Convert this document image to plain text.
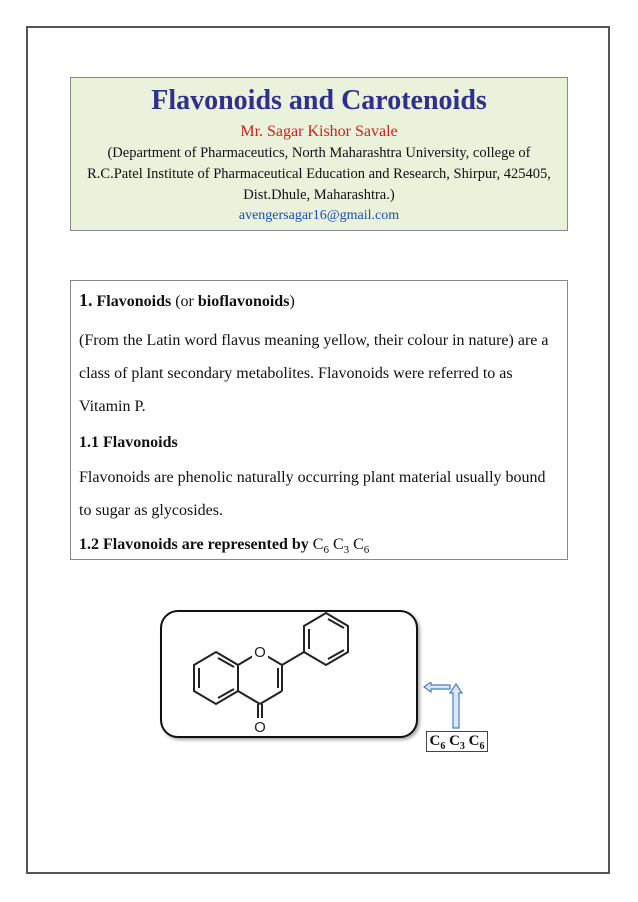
Flavonoids and Carotenoids
Mr. Sagar Kishor Savale
(Department of Pharmaceutics, North Maharashtra University, college of
R.C.Patel Institute of Pharmaceutical Education and Research, Shirpur, 425405,
Dist.Dhule, Maharashtra.)
avengersagar16@gmail.com

1. Flavonoids (or bioflavonoids)

(From the Latin word flavus meaning yellow, their colour in nature) are a class of plant secondary metabolites. Flavonoids were referred to as Vitamin P.

1.1 Flavonoids

Flavonoids are phenolic naturally occurring plant material usually bound to sugar as glycosides.

1.2 Flavonoids are represented by $C_6$ $C_3$ $C_6$

O
O
$C_6$ $C_3$ $C_6$
